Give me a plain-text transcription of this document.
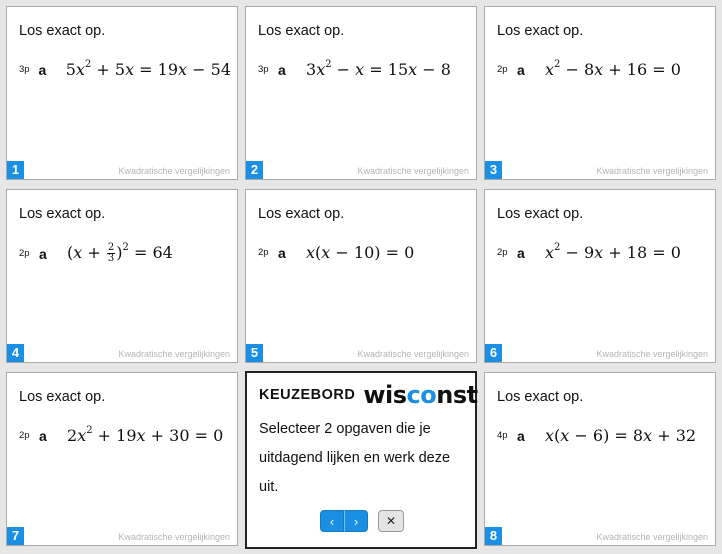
Los exact op.
3p a	$5x^2 + 5x = 19x - 54$
1	Kwadratische vergelijkingen
Los exact op.
3p a	$3x^2 - x = 15x - 8$
2	Kwadratische vergelijkingen
Los exact op.
2p a	$x^2 - 8x + 16 = 0$
3	Kwadratische vergelijkingen
Los exact op.
2p a	$(x + \frac{2}{3} )^2 = 64$
4	Kwadratische vergelijkingen
Los exact op.
2p a	x(x − 10) = 0
5	Kwadratische vergelijkingen
Los exact op.
2p a	$x^2 - 9x + 18 = 0$
6	Kwadratische vergelijkingen
Los exact op.
2p a	$2x^2 + 19x + 30 = 0$
7	Kwadratische vergelijkingen
KEUZEBORD wisconst
Selecteer 2 opgaven die je uitdagend lijken en werk deze uit.
‹	›	✕
Los exact op.
4p a	x(x − 6) = 8x + 32
8	Kwadratische vergelijkingen
